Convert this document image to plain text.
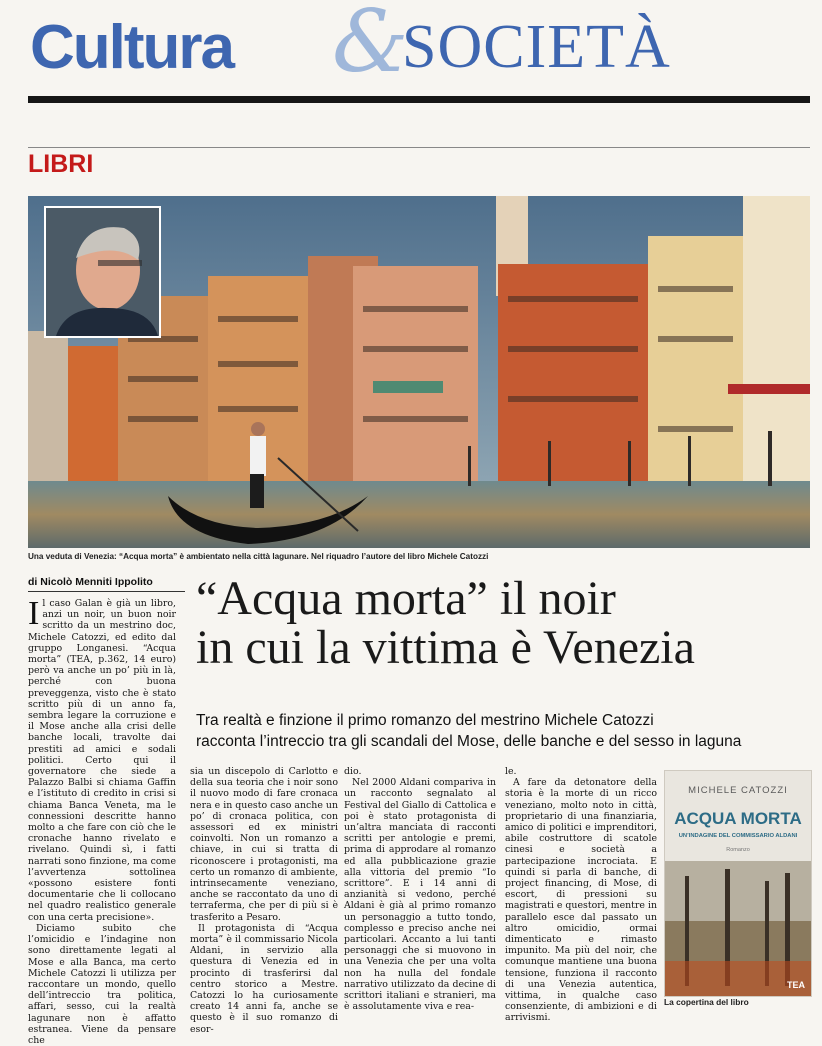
Cultura &
SOCIETÀ
LIBRI
Una veduta di Venezia: “Acqua morta” è ambientato nella città lagunare. Nel riquadro l’autore del libro Michele Catozzi
di Nicolò Menniti Ippolito “Acqua morta” il noir
in cui la vittima è Venezia
Tra realtà e finzione il primo romanzo del mestrino Michele Catozzi
racconta l’intreccio tra gli scandali del Mose, delle banche e del sesso in laguna

Il caso Galan è già un libro, anzi un noir, un buon noir scritto da un mestrino doc, Michele Catozzi, ed edito dal gruppo Longanesi. “Acqua morta” (TEA, p.362, 14 euro) però va anche un po’ più in là, perché con buona preveggenza, visto che è stato scritto più di un anno fa, sembra legare la corruzione e il Mose anche alla crisi delle banche locali, travolte dai prestiti ad amici e sodali politici. Certo qui il governatore che siede a Palazzo Balbi si chiama Gaffin e l’istituto di credito in crisi si chiama Banca Veneta, ma le connessioni descritte hanno molto a che fare con ciò che le cronache hanno rivelato e rivelano. Quindi sì, i fatti narrati sono finzione, ma come l’avvertenza sottolinea «possono esistere fonti documentarie che li collocano nel quadro realistico generale con una certa precisione».

Diciamo subito che l’omicidio e l’indagine non sono direttamente legati al Mose e alla Banca, ma certo Michele Catozzi li utilizza per raccontare un mondo, quello dell’intreccio tra politica, affari, sesso, cui la realtà lagunare non è affatto estranea. Viene da pensare che

sia un discepolo di Carlotto e della sua teoria che i noir sono il nuovo modo di fare cronaca nera e in questo caso anche un po’ di cronaca politica, con assessori ed ex ministri coinvolti. Non un romanzo a chiave, in cui si tratta di riconoscere i protagonisti, ma certo un romanzo di ambiente, intrinsecamente veneziano, anche se raccontato da uno di terraferma, che per di più si è trasferito a Pesaro.

Il protagonista di “Acqua morta” è il commissario Nicola Aldani, in servizio alla questura di Venezia ed in procinto di trasferirsi dal centro storico a Mestre. Catozzi lo ha curiosamente creato 14 anni fa, anche se questo è il suo romanzo di esor-

dio.

Nel 2000 Aldani compariva in un racconto segnalato al Festival del Giallo di Cattolica e poi è stato protagonista di un’altra manciata di racconti scritti per antologie e premi, prima di approdare al romanzo ed alla pubblicazione grazie alla vittoria del premio “Io scrittore”. E i 14 anni di anzianità si vedono, perché Aldani è già al primo romanzo un personaggio a tutto tondo, complesso e preciso anche nei particolari. Accanto a lui tanti personaggi che si muovono in una Venezia che per una volta non ha nulla del fondale narrativo utilizzato da decine di scrittori italiani e stranieri, ma è assolutamente viva e rea-

le.

A fare da detonatore della storia è la morte di un ricco veneziano, molto noto in città, proprietario di una finanziaria, amico di politici e imprenditori, abile costruttore di scatole cinesi e società a partecipazione incrociata. E quindi si parla di banche, di project financing, di Mose, di escort, di pressioni su magistrati e questori, mentre in parallelo esce dal passato un altro omicidio, ormai dimenticato e rimasto impunito. Ma più del noir, che comunque mantiene una buona tensione, funziona il racconto di una Venezia autentica, vittima, in qualche caso consenziente, di ambizioni e di arrivismi.

MICHELE CATOZZI
ACQUA MORTA
UN’INDAGINE DEL COMMISSARIO ALDANI
Romanzo
TEA
La copertina del libro
